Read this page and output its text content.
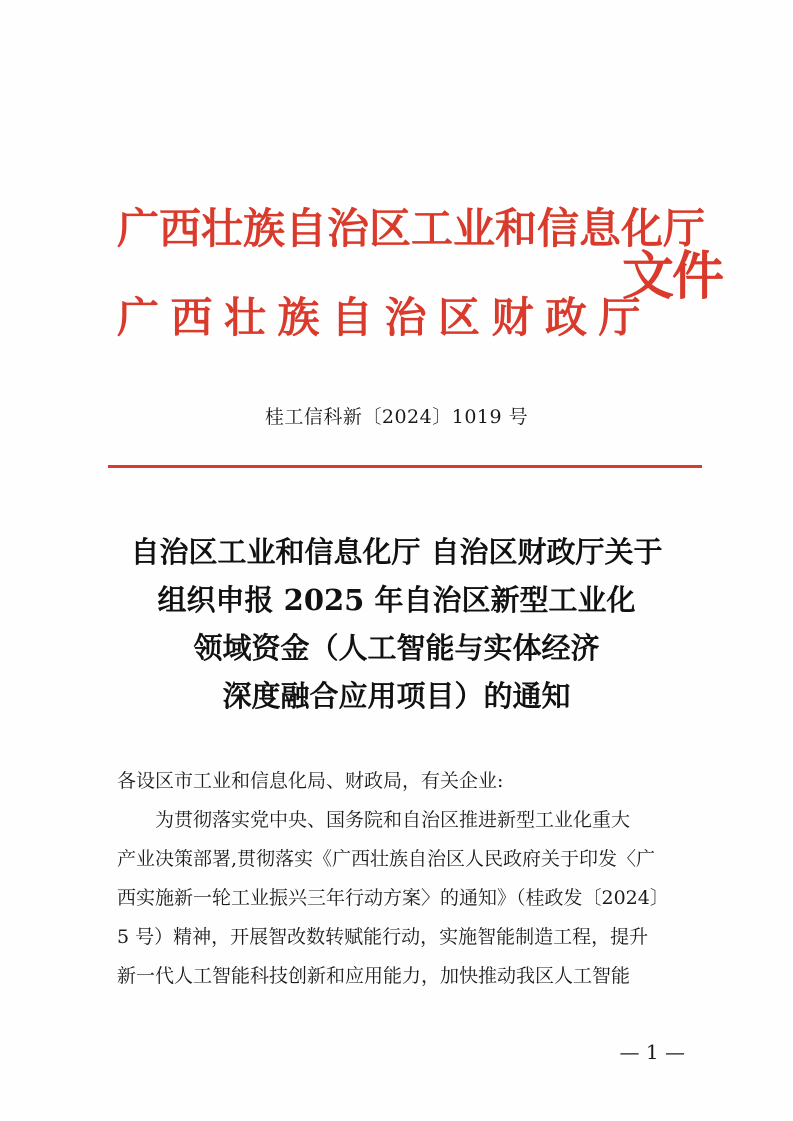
广西壮族自治区工业和信息化厅
广西壮族自治区财政厅
文件
桂工信科新〔2024〕1019 号
自治区工业和信息化厅 自治区财政厅关于
组织申报 2025 年自治区新型工业化
领域资金（人工智能与实体经济
深度融合应用项目）的通知
各设区市工业和信息化局、财政局，有关企业:
为贯彻落实党中央、国务院和自治区推进新型工业化重大
产业决策部署,贯彻落实《广西壮族自治区人民政府关于印发〈广
西实施新一轮工业振兴三年行动方案〉的通知》（桂政发〔2024〕
5 号）精神，开展智改数转赋能行动，实施智能制造工程，提升
新一代人工智能科技创新和应用能力，加快推动我区人工智能
— 1 —
